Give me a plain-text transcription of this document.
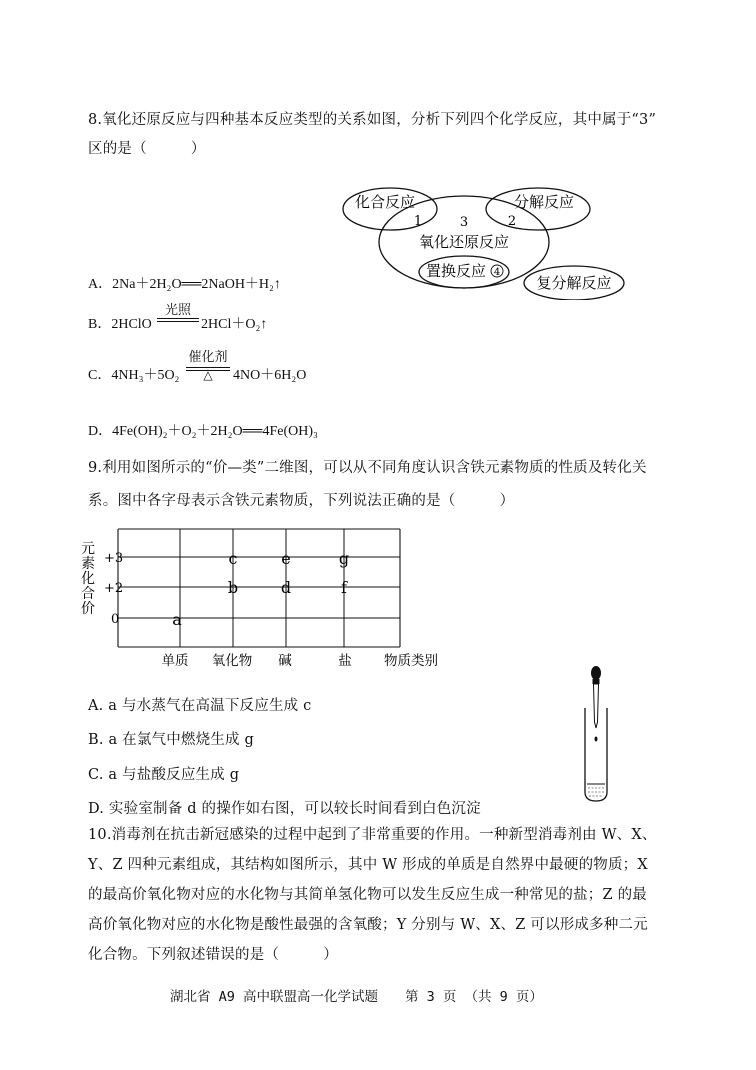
8.氧化还原反应与四种基本反应类型的关系如图，分析下列四个化学反应，其中属于“3”
区的是（　　　）
化合反应	分解反应
1	3	2
氧化还原反应
置换反应 4
复分解反应
A．2Na＋2H₂O══2NaOH＋H₂↑
B．2HClO
光照
2HCl＋O₂↑
C．4NH₃＋5O₂
催化剂
△	4NO＋6H₂O
D．4Fe(OH)₂＋O₂＋2H₂O══4Fe(OH)₃
9.利用如图所示的“价—类”二维图，可以从不同角度认识含铁元素物质的性质及转化关
系。图中各字母表示含铁元素物质，下列说法正确的是（　　　）
元
素
化
合
价
+3
+2
0	a
b
c
d
e
f
g
单质 氧化物 碱	盐 物质类别
A. a 与水蒸气在高温下反应生成 c
B. a 在氯气中燃烧生成 g
C. a 与盐酸反应生成 g
D. 实验室制备 d 的操作如右图，可以较长时间看到白色沉淀
10.消毒剂在抗击新冠感染的过程中起到了非常重要的作用。一种新型消毒剂由 W、X、
Y、Z 四种元素组成，其结构如图所示，其中 W 形成的单质是自然界中最硬的物质；X
的最高价氧化物对应的水化物与其简单氢化物可以发生反应生成一种常见的盐；Z 的最
高价氧化物对应的水化物是酸性最强的含氧酸；Y 分别与 W、X、Z 可以形成多种二元
化合物。下列叙述错误的是（　　　）
湖北省 A9 高中联盟高一化学试题　　第 3 页 （共 9 页）
